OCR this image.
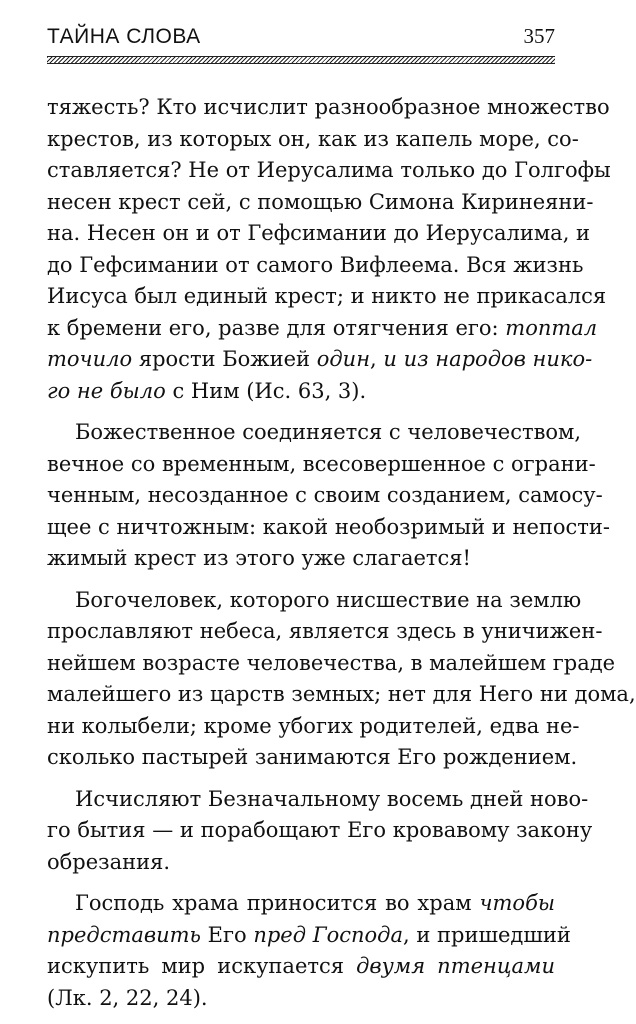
ТАЙНА СЛОВА	357
тяжесть? Кто исчислит разнообразное множество
крестов, из которых он, как из капель море, со-
ставляется? Не от Иерусалима только до Голгофы
несен крест сей, с помощью Симона Киринеяни-
на. Несен он и от Гефсимании до Иерусалима, и
до Гефсимании от самого Вифлеема. Вся жизнь
Иисуса был единый крест; и никто не прикасался
к бремени его, разве для отягчения его: топтал
точило ярости Божией один, и из народов нико-
го не было с Ним (Ис. 63, 3).
Божественное соединяется с человечеством,
вечное со временным, всесовершенное с ограни-
ченным, несозданное с своим созданием, самосу-
щее с ничтожным: какой необозримый и непости-
жимый крест из этого уже слагается!
Богочеловек, которого нисшествие на землю
прославляют небеса, является здесь в уничижен-
нейшем возрасте человечества, в малейшем граде
малейшего из царств земных; нет для Него ни дома,
ни колыбели; кроме убогих родителей, едва не-
сколько пастырей занимаются Его рождением.
Исчисляют Безначальному восемь дней ново-
го бытия — и порабощают Его кровавому закону
обрезания.
Господь храма приносится во храм чтобы
представить Его пред Господа, и пришедший
искупить мир искупается двумя птенцами
(Лк. 2, 22, 24).
